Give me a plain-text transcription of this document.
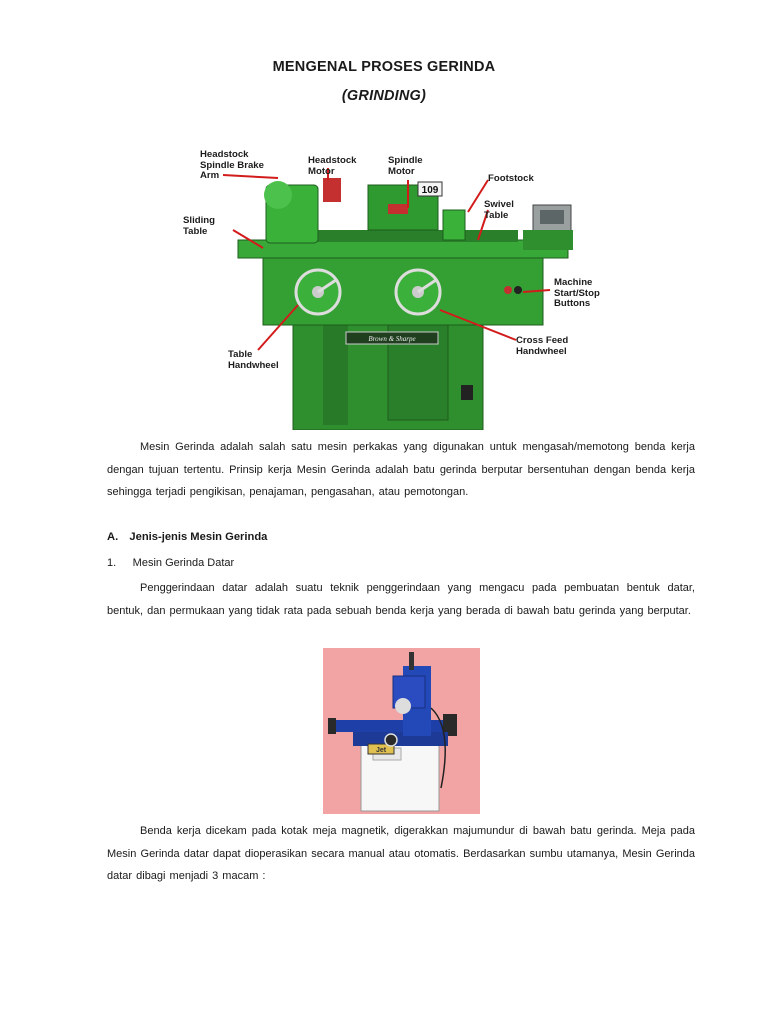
MENGENAL PROSES GERINDA
(GRINDING)
Brown & Sharpe
109
Headstock
Spindle Brake
Arm
Headstock
Motor
Spindle
Motor
Footstock
Swivel
Table
Sliding
Table
Machine
Start/Stop
Buttons
Cross Feed
Handwheel
Table
Handwheel
Mesin Gerinda adalah salah satu mesin perkakas yang digunakan untuk mengasah/memotong benda kerja dengan tujuan tertentu. Prinsip kerja Mesin Gerinda adalah batu gerinda berputar bersentuhan dengan benda kerja sehingga terjadi pengikisan, penajaman, pengasahan, atau pemotongan.
A. Jenis-jenis Mesin Gerinda
1.  Mesin Gerinda Datar
Penggerindaan datar adalah suatu teknik penggerindaan yang mengacu pada pembuatan bentuk datar, bentuk, dan permukaan yang tidak rata pada sebuah benda kerja yang berada di bawah batu gerinda yang berputar.
Jet
Benda kerja dicekam pada kotak meja magnetik, digerakkan majumundur di bawah batu gerinda. Meja pada Mesin Gerinda datar dapat dioperasikan secara manual atau otomatis. Berdasarkan sumbu utamanya, Mesin Gerinda datar dibagi menjadi 3 macam :
